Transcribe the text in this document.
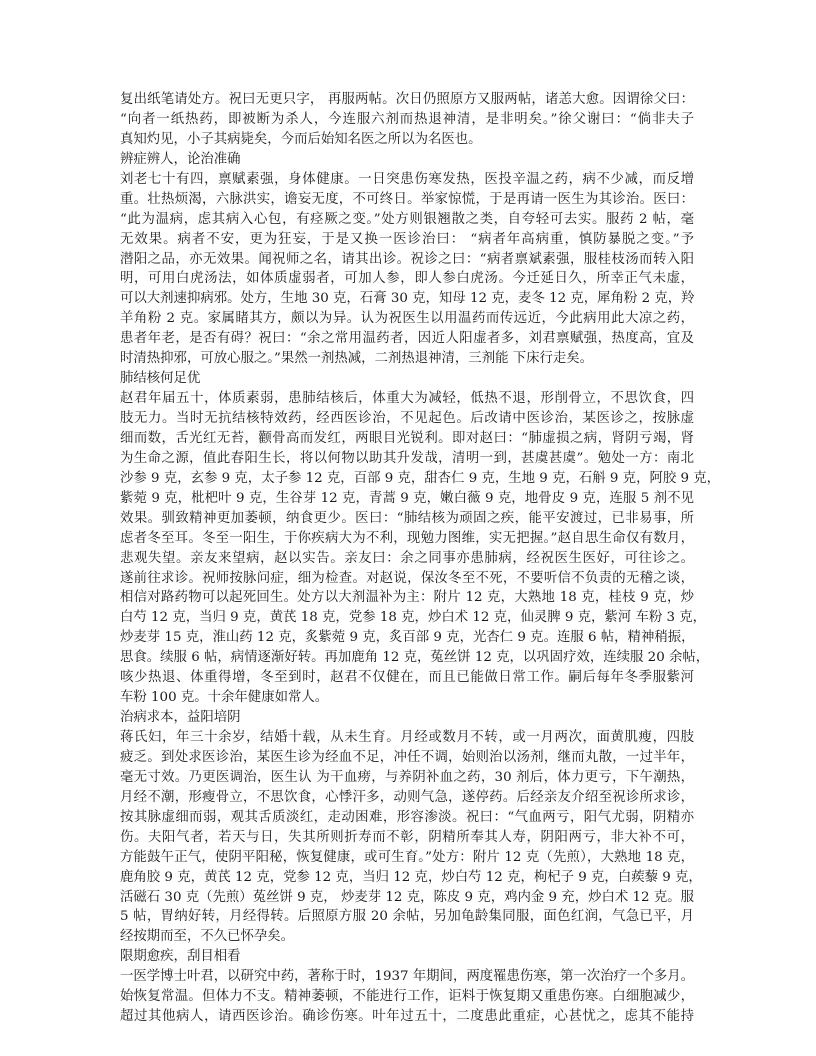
复出纸笔请处方。祝曰无更只字， 再服两帖。次日仍照原方又服两帖，诸恙大愈。因谓徐父曰：
“向者一纸热药，即被断为杀人，今连服六剂而热退神清，是非明矣。”徐父谢曰：“倘非夫子
真知灼见，小子其病毙矣，今而后始知名医之所以为名医也。
辨症辨人，论治准确
刘老七十有四，禀赋素强，身体健康。一日突患伤寒发热，医投辛温之药，病不少减，而反增
重。壮热烦渴，六脉洪实，谵妄无度，不可终日。举家惊慌，于是再请一医生为其诊治。医曰：
“此为温病，虑其病入心包，有痉厥之变。”处方则银翘散之类，自夸轻可去实。服药 2 帖，毫
无效果。病者不安，更为狂妄，于是又换一医诊治曰： “病者年高病重，慎防暴脱之变。”予
潜阳之品，亦无效果。闻祝师之名，请其出诊。祝诊之曰：“病者禀斌素强，服桂枝汤而转入阳
明，可用白虎汤法，如体质虚弱者，可加人参，即人参白虎汤。今迁延日久，所幸正气未虚，
可以大剂速抑病邪。处方，生地 30 克，石膏 30 克，知母 12 克，麦冬 12 克，犀角粉 2 克，羚
羊角粉 2 克。家属睹其方，颇以为异。认为祝医生以用温药而传远近，今此病用此大凉之药，
患者年老，是否有碍？祝曰：“余之常用温药者，因近人阳虚者多，刘君禀赋强，热度高，宜及
时清热抑邪，可放心服之。”果然一剂热减，二剂热退神清，三剂能 下床行走矣。
肺结核何足优
赵君年届五十，体质素弱，患肺结核后，体重大为减轻，低热不退，形削骨立，不思饮食，四
肢无力。当时无抗结核特效药，经西医诊治，不见起色。后改请中医诊治，某医诊之，按脉虚
细而数，舌光红无苔，颧骨高而发红，两眼目光锐利。即对赵曰：“肺虚损之病，肾阴亏竭，肾
为生命之源，值此春阳生长，将以何物以助其升发哉，清明一到，甚虞甚虞”。勉处一方：南北
沙参 9 克，玄参 9 克，太子参 12 克，百部 9 克，甜杏仁 9 克，生地 9 克，石斛 9 克，阿胶 9 克，
紫菀 9 克，枇杷叶 9 克，生谷芽 12 克，青蒿 9 克，嫩白薇 9 克，地骨皮 9 克，连服 5 剂不见
效果。驯致精神更加萎顿，纳食更少。医曰：“肺结核为顽固之疾，能平安渡过，已非易事，所
虑者冬至耳。冬至一阳生，于你疾病大为不利，现勉力图维，实无把握。”赵自思生命仅有数月，
悲观失望。亲友来望病，赵以实告。亲友曰：余之同事亦患肺病，经祝医生医好，可往诊之。
遂前往求诊。祝师按脉问症，细为检查。对赵说，保汝冬至不死，不要听信不负责的无稽之谈，
相信对路药物可以起死回生。处方以大剂温补为主：附片 12 克，大熟地 18 克，桂枝 9 克，炒
白芍 12 克，当归 9 克，黄芪 18 克，党参 18 克，炒白术 12 克，仙灵脾 9 克，紫河 车粉 3 克，
炒麦芽 15 克，淮山药 12 克，炙紫菀 9 克，炙百部 9 克，光杏仁 9 克。连服 6 帖，精神稍振，
思食。续服 6 帖，病情逐渐好转。再加鹿角 12 克，菟丝饼 12 克，以巩固疗效，连续服 20 余帖，
咳少热退、体重得增，冬至到时，赵君不仅健在，而且已能做日常工作。嗣后每年冬季服紫河
车粉 100 克。十余年健康如常人。
治病求本，益阳培阴
蒋氏妇，年三十余岁，结婚十载，从未生育。月经或数月不转，或一月两次，面黄肌瘦，四肢
疲乏。到处求医诊治，某医生诊为经血不足，冲任不调，始则治以汤剂，继而丸散，一过半年，
毫无寸效。乃更医调治，医生认 为干血痨，与养阴补血之药，30 剂后，体力更亏，下午潮热，
月经不潮，形瘦骨立，不思饮食，心悸汗多，动则气急，遂停药。后经亲友介绍至祝诊所求诊，
按其脉虚细而弱，观其舌质淡红，走动困难，形容渗淡。祝曰：“气血两亏，阳气尤弱，阴精亦
伤。夫阳气者，若天与日，失其所则折寿而不彰，阴精所奉其人寿，阴阳两亏，非大补不可，
方能鼓午正气，使阴平阳秘，恢复健康，或可生育。”处方：附片 12 克（先煎），大熟地 18 克，
鹿角胶 9 克，黄芪 12 克，党参 12 克，当归 12 克，炒白芍 12 克，枸杞子 9 克，白蒺藜 9 克，
活磁石 30 克（先煎）菟丝饼 9 克， 炒麦芽 12 克，陈皮 9 克，鸡内金 9 充，炒白术 12 克。服
5 帖，胃纳好转，月经得转。后照原方服 20 余帖，另加龟龄集同服，面色红润，气急已平，月
经按期而至，不久已怀孕矣。
限期愈疾，刮目相看
一医学博士叶君，以研究中药，著称于时，1937 年期间，两度罹患伤寒，第一次治疗一个多月。
始恢复常温。但体力不支。精神萎顿，不能进行工作，讵料于恢复期又重患伤寒。白细胞减少，
超过其他病人，请西医诊治。确诊伤寒。叶年过五十，二度患此重症，心甚忧之，虑其不能持
